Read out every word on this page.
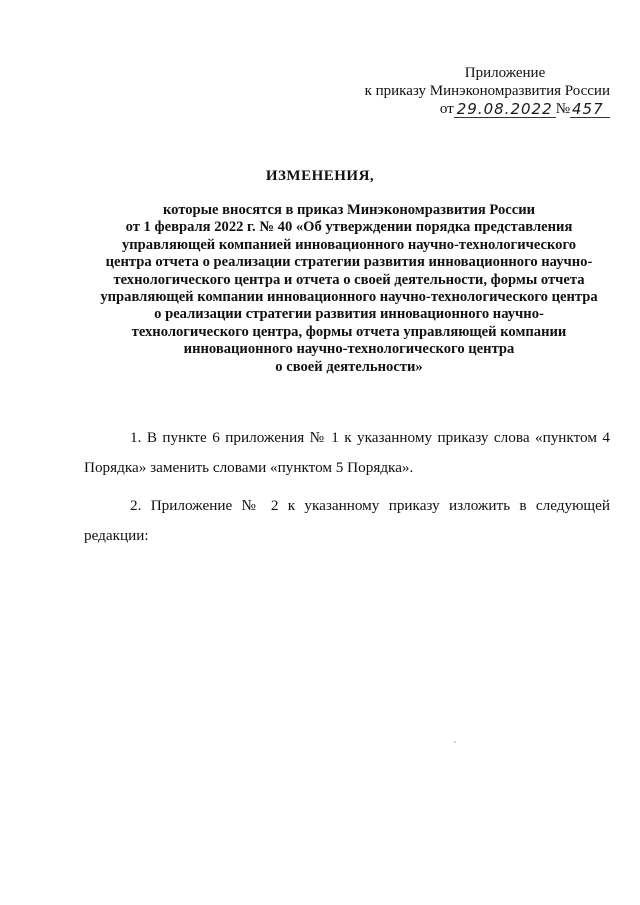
Приложение
к приказу Минэкономразвития России
от 29.08.2022 № 457
ИЗМЕНЕНИЯ,
которые вносятся в приказ Минэкономразвития России
от 1 февраля 2022 г. № 40 «Об утверждении порядка представления
управляющей компанией инновационного научно-технологического
центра отчета о реализации стратегии развития инновационного научно-
технологического центра и отчета о своей деятельности, формы отчета
управляющей компании инновационного научно-технологического центра
о реализации стратегии развития инновационного научно-
технологического центра, формы отчета управляющей компании
инновационного научно-технологического центра
о своей деятельности»

1. В пункте 6 приложения № 1 к указанному приказу слова «пунктом 4

Порядка» заменить словами «пунктом 5 Порядка».

2. Приложение № 2 к указанному приказу изложить в следующей

редакции:
